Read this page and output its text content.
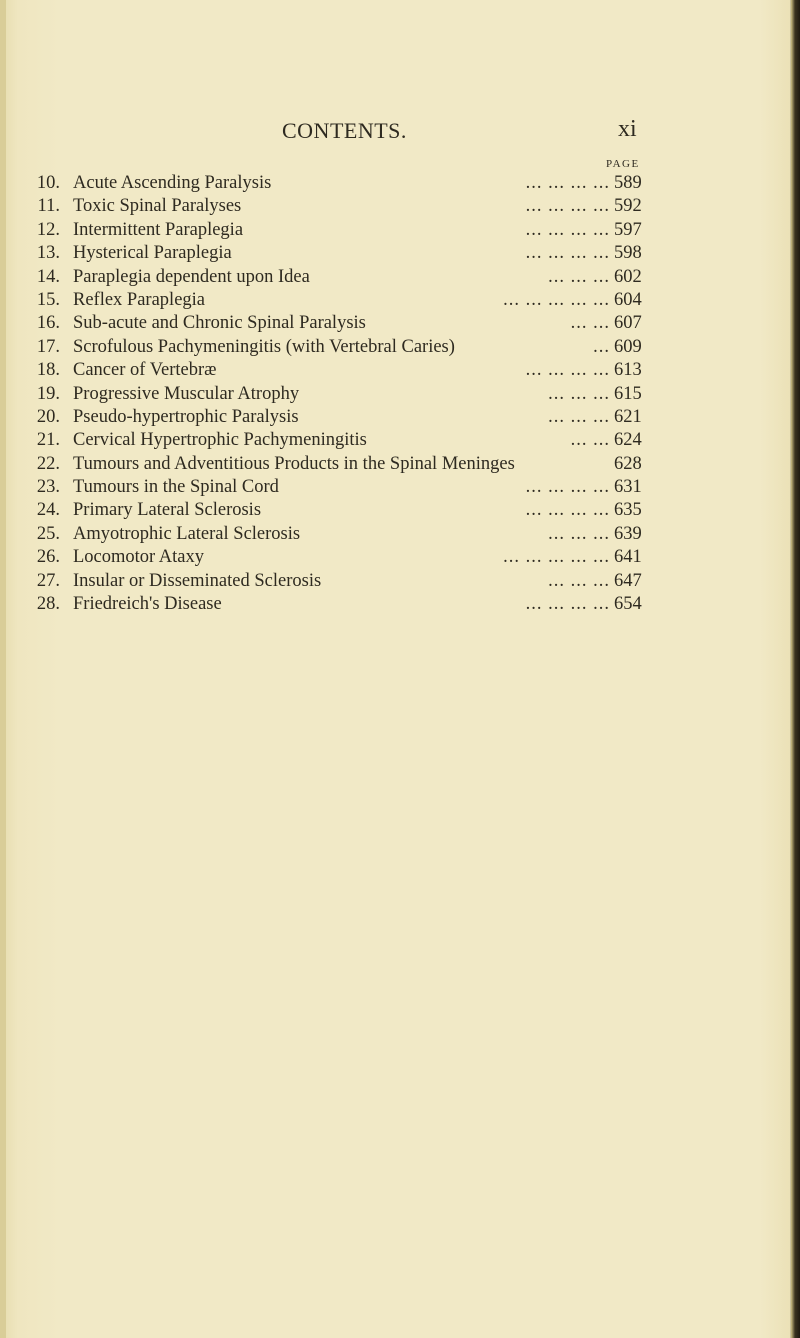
CONTENTS.	xi
PAGE
10. Acute Ascending Paralysis	... ... ... ... 589
11. Toxic Spinal Paralyses	... ... ... ... 592
12. Intermittent Paraplegia	... ... ... ... 597
13. Hysterical Paraplegia	... ... ... ... 598
14. Paraplegia dependent upon Idea	... ... ... 602
15. Reflex Paraplegia	... ... ... ... ... 604
16. Sub-acute and Chronic Spinal Paralysis	... ... 607
17. Scrofulous Pachymeningitis (with Vertebral Caries)	... 609
18. Cancer of Vertebræ	... ... ... ... 613
19. Progressive Muscular Atrophy	... ... ... 615
20. Pseudo-hypertrophic Paralysis	... ... ... 621
21. Cervical Hypertrophic Pachymeningitis	... ... 624
22. Tumours and Adventitious Products in the Spinal Meninges	628
23. Tumours in the Spinal Cord	... ... ... ... 631
24. Primary Lateral Sclerosis	... ... ... ... 635
25. Amyotrophic Lateral Sclerosis	... ... ... 639
26. Locomotor Ataxy	... ... ... ... ... 641
27. Insular or Disseminated Sclerosis	... ... ... 647
28. Friedreich's Disease	... ... ... ... 654
